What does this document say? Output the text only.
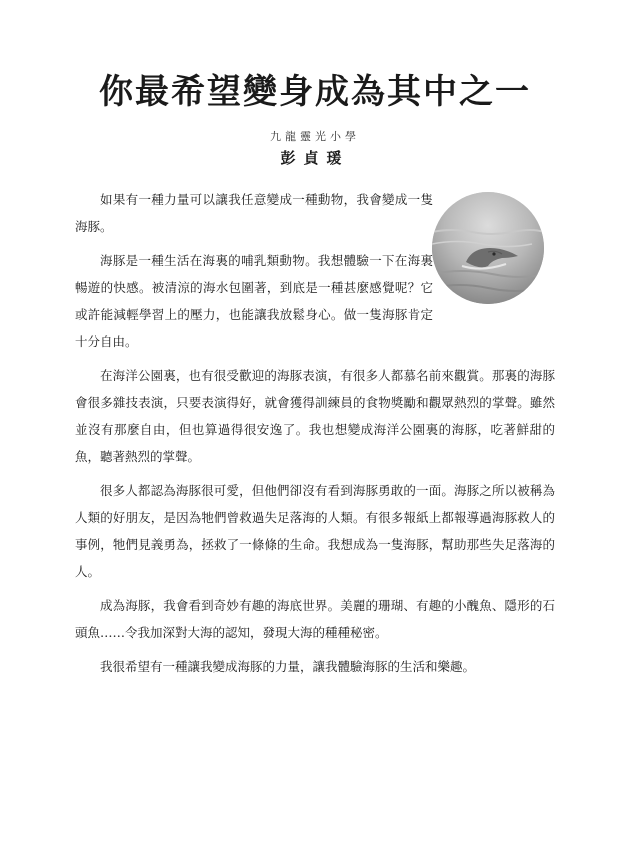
你最希望變身成為其中之一
九龍靈光小學
彭貞瑗

如果有一種力量可以讓我任意變成一種動物，我會變成一隻海豚。

海豚是一種生活在海裏的哺乳類動物。我想體驗一下在海裏暢遊的快感。被清涼的海水包圍著，到底是一種甚麼感覺呢？它或許能減輕學習上的壓力，也能讓我放鬆身心。做一隻海豚肯定十分自由。

在海洋公園裏，也有很受歡迎的海豚表演，有很多人都慕名前來觀賞。那裏的海豚會很多雜技表演，只要表演得好，就會獲得訓練員的食物獎勵和觀眾熱烈的掌聲。雖然並沒有那麼自由，但也算過得很安逸了。我也想變成海洋公園裏的海豚，吃著鮮甜的魚，聽著熱烈的掌聲。

很多人都認為海豚很可愛，但他們卻沒有看到海豚勇敢的一面。海豚之所以被稱為人類的好朋友，是因為牠們曾救過失足落海的人類。有很多報紙上都報導過海豚救人的事例，牠們見義勇為，拯救了一條條的生命。我想成為一隻海豚，幫助那些失足落海的人。

成為海豚，我會看到奇妙有趣的海底世界。美麗的珊瑚、有趣的小醜魚、隱形的石頭魚……令我加深對大海的認知，發現大海的種種秘密。

我很希望有一種讓我變成海豚的力量，讓我體驗海豚的生活和樂趣。
